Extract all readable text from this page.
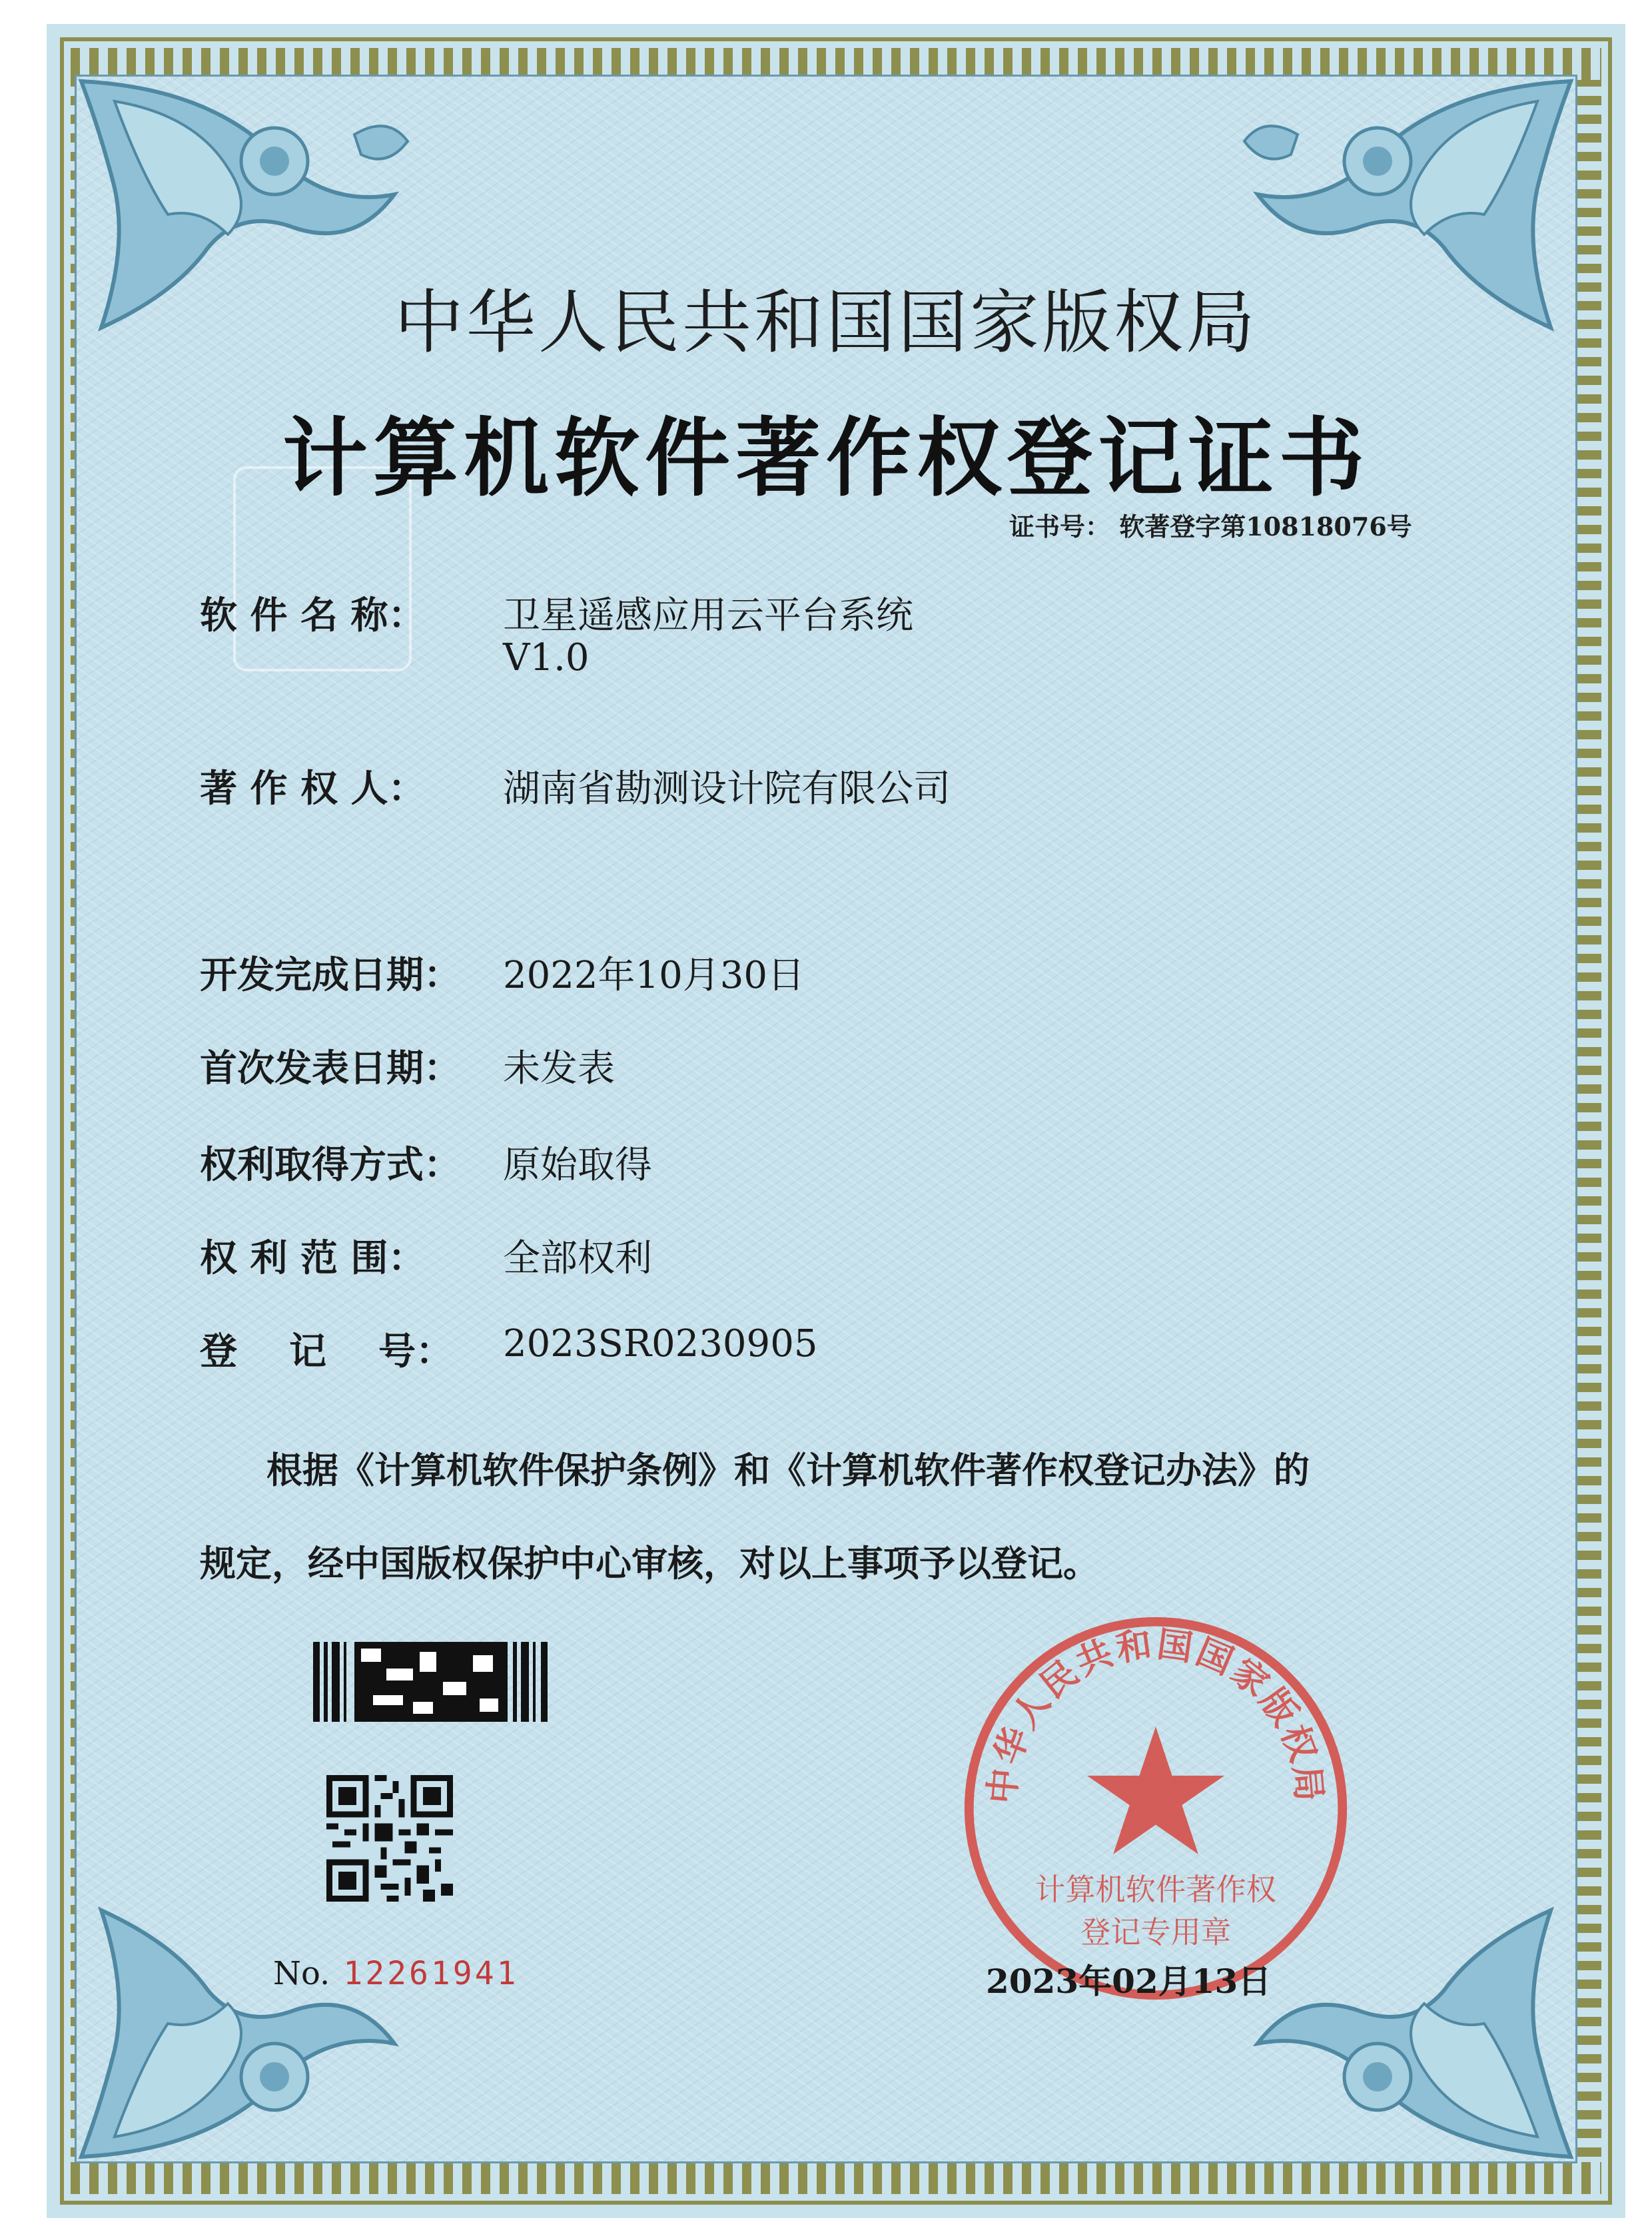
中华人民共和国国家版权局
计算机软件著作权登记证书
证书号： 软著登字第10818076号
软 件 名 称： 卫星遥感应用云平台系统
V1.0
著 作 权 人： 湖南省勘测设计院有限公司
开发完成日期： 2022年10月30日
首次发表日期： 未发表
权利取得方式： 原始取得
权 利 范 围： 全部权利
登    记    号： 2023SR0230905
根据《计算机软件保护条例》和《计算机软件著作权登记办法》的
规定，经中国版权保护中心审核，对以上事项予以登记。
No. 12261941
中华人民共和国国家版权局
计算机软件著作权
登记专用章
2023年02月13日
